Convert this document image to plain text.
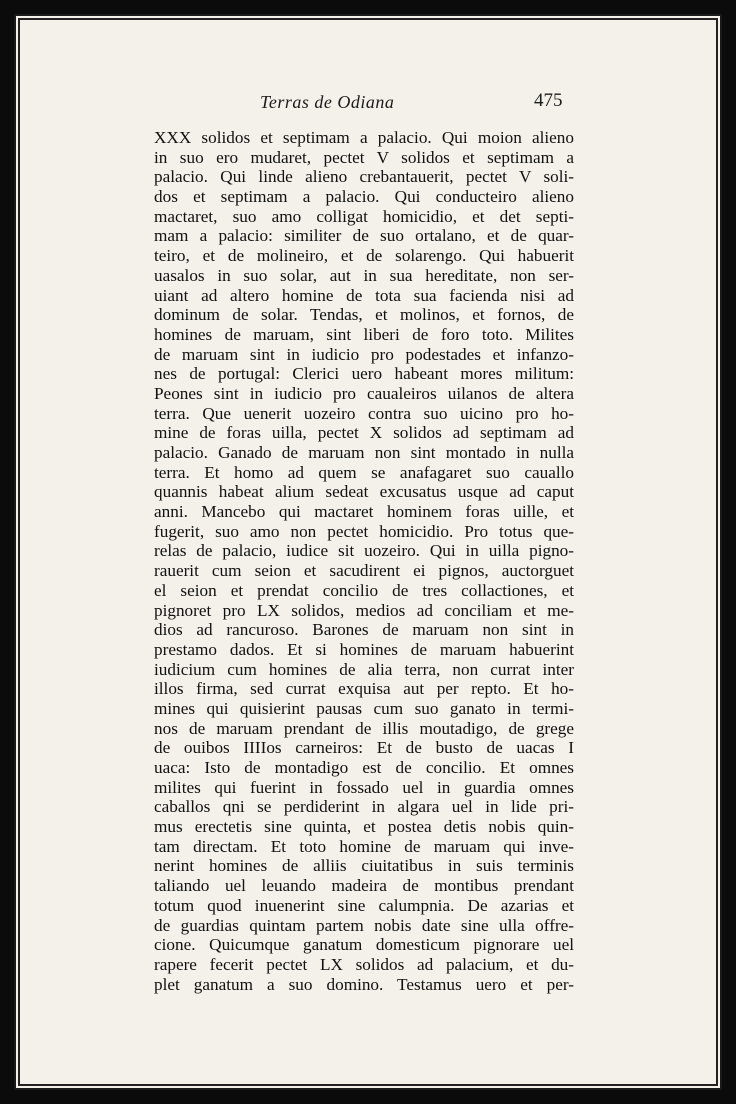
Terras de Odiana	475
XXX solidos et septimam a palacio. Qui moion alieno
in suo ero mudaret, pectet V solidos et septimam a
palacio. Qui linde alieno crebantauerit, pectet V soli-
dos et septimam a palacio. Qui conducteiro alieno
mactaret, suo amo colligat homicidio, et det septi-
mam a palacio: similiter de suo ortalano, et de quar-
teiro, et de molineiro, et de solarengo. Qui habuerit
uasalos in suo solar, aut in sua hereditate, non ser-
uiant ad altero homine de tota sua facienda nisi ad
dominum de solar. Tendas, et molinos, et fornos, de
homines de maruam, sint liberi de foro toto. Milites
de maruam sint in iudicio pro podestades et infanzo-
nes de portugal: Clerici uero habeant mores militum:
Peones sint in iudicio pro caualeiros uilanos de altera
terra. Que uenerit uozeiro contra suo uicino pro ho-
mine de foras uilla, pectet X solidos ad septimam ad
palacio. Ganado de maruam non sint montado in nulla
terra. Et homo ad quem se anafagaret suo cauallo
quannis habeat alium sedeat excusatus usque ad caput
anni. Mancebo qui mactaret hominem foras uille, et
fugerit, suo amo non pectet homicidio. Pro totus que-
relas de palacio, iudice sit uozeiro. Qui in uilla pigno-
rauerit cum seion et sacudirent ei pignos, auctorguet
el seion et prendat concilio de tres collactiones, et
pignoret pro LX solidos, medios ad conciliam et me-
dios ad rancuroso. Barones de maruam non sint in
prestamo dados. Et si homines de maruam habuerint
iudicium cum homines de alia terra, non currat inter
illos firma, sed currat exquisa aut per repto. Et ho-
mines qui quisierint pausas cum suo ganato in termi-
nos de maruam prendant de illis moutadigo, de grege
de ouibos IIIIos carneiros: Et de busto de uacas I
uaca: Isto de montadigo est de concilio. Et omnes
milites qui fuerint in fossado uel in guardia omnes
caballos qni se perdiderint in algara uel in lide pri-
mus erectetis sine quinta, et postea detis nobis quin-
tam directam. Et toto homine de maruam qui inve-
nerint homines de alliis ciuitatibus in suis terminis
taliando uel leuando madeira de montibus prendant
totum quod inuenerint sine calumpnia. De azarias et
de guardias quintam partem nobis date sine ulla offre-
cione. Quicumque ganatum domesticum pignorare uel
rapere fecerit pectet LX solidos ad palacium, et du-
plet ganatum a suo domino. Testamus uero et per-
